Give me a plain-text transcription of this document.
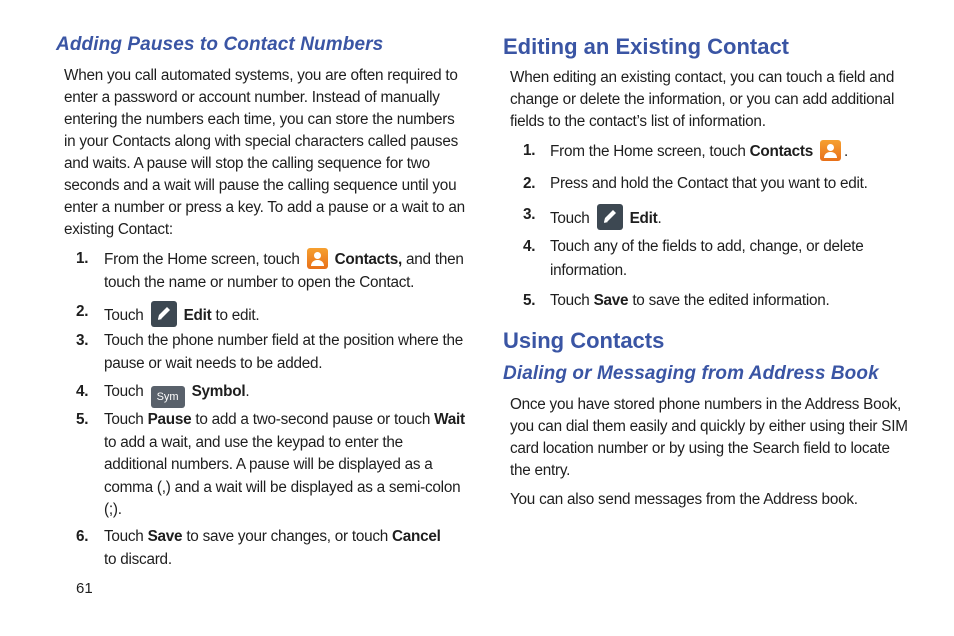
Adding Pauses to Contact Numbers

When you call automated systems, you are often required to enter a password or account number. Instead of manually entering the numbers each time, you can store the numbers in your Contacts along with special characters called pauses and waits. A pause will stop the calling sequence for two seconds and a wait will pause the calling sequence until you enter a number or press a key. To add a pause or a wait to an existing Contact:

1.	From the Home screen, touch Contacts, and then touch the name or number to open the Contact.
2.	Touch	Edit to edit.
3.	Touch the phone number field at the position where the pause or wait needs to be added.
4.	Touch Sym Symbol.
5.	Touch Pause to add a two-second pause or touch Wait to add a wait, and use the keypad to enter the additional numbers. A pause will be displayed as a comma (,) and a wait will be displayed as a semi-colon (;).
6.	Touch Save to save your changes, or touch Cancel to discard.
61
Editing an Existing Contact

When editing an existing contact, you can touch a field and change or delete the information, or you can add additional fields to the contact’s list of information.

1. From the Home screen, touch Contacts .
2. Press and hold the Contact that you want to edit.
3. Touch	Edit.
4. Touch any of the fields to add, change, or delete information.
5. Touch Save to save the edited information.
Using Contacts
Dialing or Messaging from Address Book

Once you have stored phone numbers in the Address Book, you can dial them easily and quickly by either using their SIM card location number or by using the Search field to locate the entry.

You can also send messages from the Address book.
